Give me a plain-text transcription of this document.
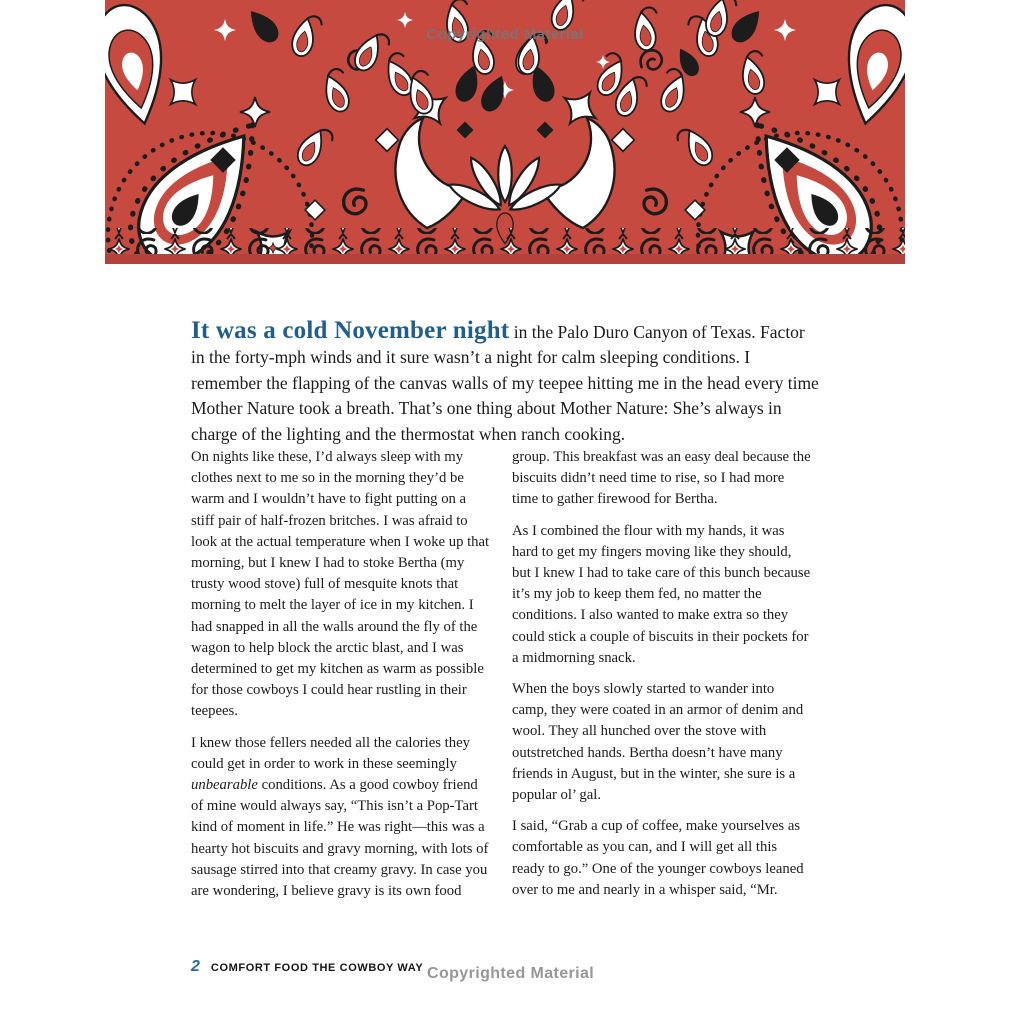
Copyrighted Material

It was a cold November night in the Palo Duro Canyon of Texas. Factor in the forty-mph winds and it sure wasn’t a night for calm sleeping conditions. I remember the flapping of the canvas walls of my teepee hitting me in the head every time Mother Nature took a breath. That’s one thing about Mother Nature: She’s always in charge of the lighting and the thermostat when ranch cooking.

On nights like these, I’d always sleep with my clothes next to me so in the morning they’d be warm and I wouldn’t have to fight putting on a stiff pair of half-frozen britches. I was afraid to look at the actual temperature when I woke up that morning, but I knew I had to stoke Bertha (my trusty wood stove) full of mesquite knots that morning to melt the layer of ice in my kitchen. I had snapped in all the walls around the fly of the wagon to help block the arctic blast, and I was determined to get my kitchen as warm as possible for those cowboys I could hear rustling in their teepees.

I knew those fellers needed all the calories they could get in order to work in these seemingly unbearable conditions. As a good cowboy friend of mine would always say, “This isn’t a Pop-Tart kind of moment in life.” He was right—this was a hearty hot biscuits and gravy morning, with lots of sausage stirred into that creamy gravy. In case you are wondering, I believe gravy is its own food

group. This breakfast was an easy deal because the biscuits didn’t need time to rise, so I had more time to gather firewood for Bertha.

As I combined the flour with my hands, it was hard to get my fingers moving like they should, but I knew I had to take care of this bunch because it’s my job to keep them fed, no matter the conditions. I also wanted to make extra so they could stick a couple of biscuits in their pockets for a midmorning snack.

When the boys slowly started to wander into camp, they were coated in an armor of denim and wool. They all hunched over the stove with outstretched hands. Bertha doesn’t have many friends in August, but in the winter, she sure is a popular ol’ gal.

I said, “Grab a cup of coffee, make yourselves as comfortable as you can, and I will get all this ready to go.” One of the younger cowboys leaned over to me and nearly in a whisper said, “Mr.

2 COMFORT FOOD THE COWBOY WAY Copyrighted Material
